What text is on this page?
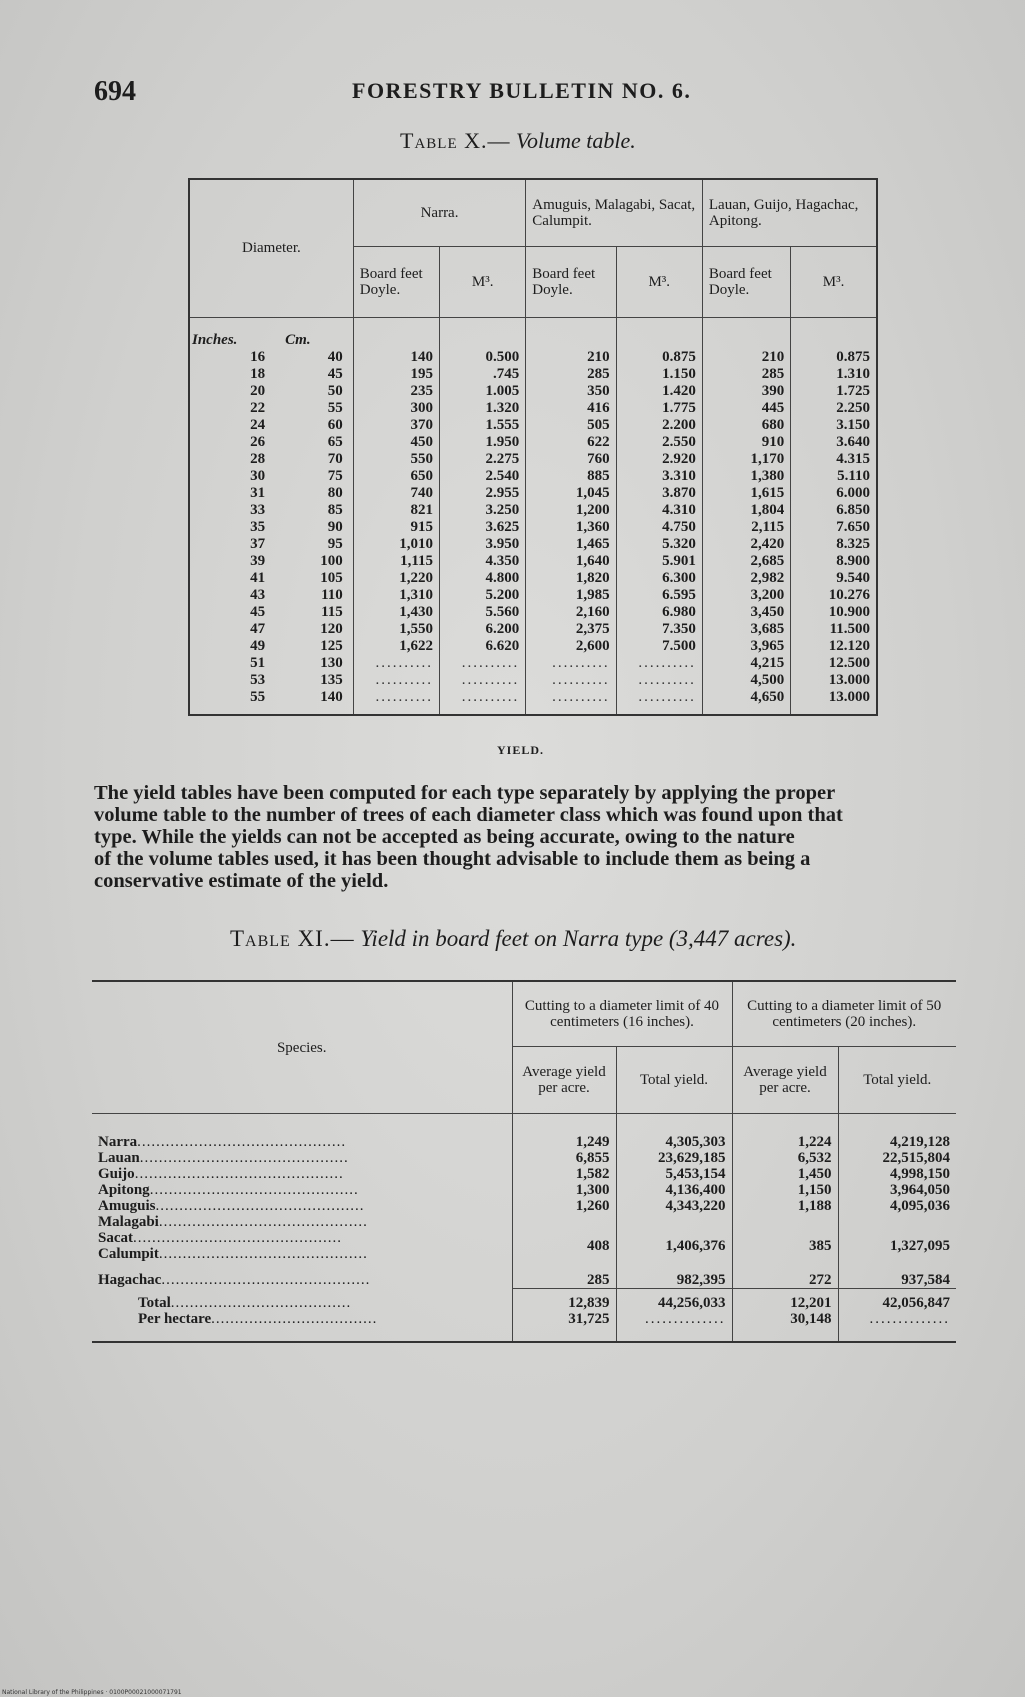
694	FORESTRY BULLETIN NO. 6.
Table X.— Volume table.
Diameter.		Narra.		Amuguis, Malagabi, Sacat, Calumpit.		Lauan, Guijo, Hagachac, Apitong.	
		Board feet Doyle.	M³.	Board feet Doyle.	M³.	Board feet Doyle.	M³.
Inches.	Cm.						
16	40	140	0.500	210	0.875	210	0.875
18	45	195	.745	285	1.150	285	1.310
20	50	235	1.005	350	1.420	390	1.725
22	55	300	1.320	416	1.775	445	2.250
24	60	370	1.555	505	2.200	680	3.150
26	65	450	1.950	622	2.550	910	3.640
28	70	550	2.275	760	2.920	1,170	4.315
30	75	650	2.540	885	3.310	1,380	5.110
31	80	740	2.955	1,045	3.870	1,615	6.000
33	85	821	3.250	1,200	4.310	1,804	6.850
35	90	915	3.625	1,360	4.750	2,115	7.650
37	95	1,010	3.950	1,465	5.320	2,420	8.325
39	100	1,115	4.350	1,640	5.901	2,685	8.900
41	105	1,220	4.800	1,820	6.300	2,982	9.540
43	110	1,310	5.200	1,985	6.595	3,200	10.276
45	115	1,430	5.560	2,160	6.980	3,450	10.900
47	120	1,550	6.200	2,375	7.350	3,685	11.500
49	125	1,622	6.620	2,600	7.500	3,965	12.120
51	130	..........	..........	..........	..........	4,215	12.500
53	135	..........	..........	..........	..........	4,500	13.000
55	140	..........	..........	..........	..........	4,650	13.000
YIELD.
The yield tables have been computed for each type separately by applying the proper
volume table to the number of trees of each diameter class which was found upon that
type. While the yields can not be accepted as being accurate, owing to the nature
of the volume tables used, it has been thought advisable to include them as being a
conservative estimate of the yield.
Table XI.— Yield in board feet on Narra type (3,447 acres).
Species.	Cutting to a diameter limit of 40 centimeters (16 inches).		Cutting to a diameter limit of 50 centimeters (20 inches).	
	Average yield per acre.	Total yield.	Average yield per acre.	Total yield.
Narra............................................	1,249	4,305,303	1,224	4,219,128
Lauan............................................	6,855	23,629,185	6,532	22,515,804
Guijo............................................	1,582	5,453,154	1,450	4,998,150
Apitong............................................	1,300	4,136,400	1,150	3,964,050
Amuguis............................................	1,260	4,343,220	1,188	4,095,036
Malagabi............................................				
Sacat............................................	408	1,406,376	385	1,327,095
Calumpit............................................				
Hagachac............................................	285	982,395	272	937,584
Total......................................	12,839	44,256,033	12,201	42,056,847
Per hectare...................................	31,725	..............	30,148	..............
National Library of the Philippines · 0100P00021000071791
